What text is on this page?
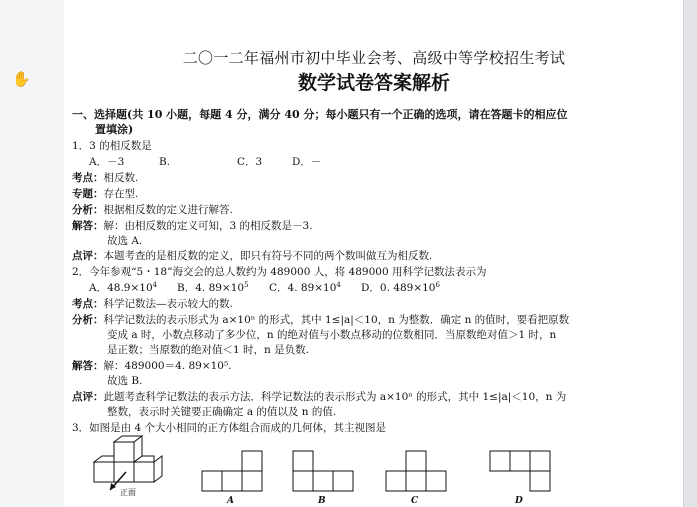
✋
二〇一二年福州市初中毕业会考、高级中等学校招生考试
数学试卷答案解析
一、选择题(共 10 小题，每题 4 分，满分 40 分；每小题只有一个正确的选项，请在答题卡的相应位
置填涂)
1．3 的相反数是
A．－3	B.	C．3	D．－
考点：相反数.
专题：存在型.
分析：根据相反数的定义进行解答.
解答：解：由相反数的定义可知，3 的相反数是－3.
故选 A.
点评：本题考查的是相反数的定义，即只有符号不同的两个数叫做互为相反数.
2．今年参观“5・18”海交会的总人数约为 489000 人，将 489000 用科学记数法表示为
A．$48.9\times 10^4$ B．4. $89\times 10^5$ C．4. $89\times 10^4$ D．0. $489\times 10^6$
考点：科学记数法—表示较大的数.
分析：科学记数法的表示形式为 a×10ⁿ 的形式，其中 1≤|a|＜10，n 为整数．确定 n 的值时，要看把原数
变成 a 时，小数点移动了多少位，n 的绝对值与小数点移动的位数相同．当原数绝对值＞1 时，n
是正数；当原数的绝对值＜1 时，n 是负数.
解答：解：489000＝4. 89×10⁵.
故选 B.
点评：此题考查科学记数法的表示方法．科学记数法的表示形式为 a×10ⁿ 的形式，其中 1≤|a|＜10，n 为
整数，表示时关键要正确确定 a 的值以及 n 的值.
3．如图是由 4 个大小相同的正方体组合而成的几何体，其主视图是
正面
A	B	C	D
